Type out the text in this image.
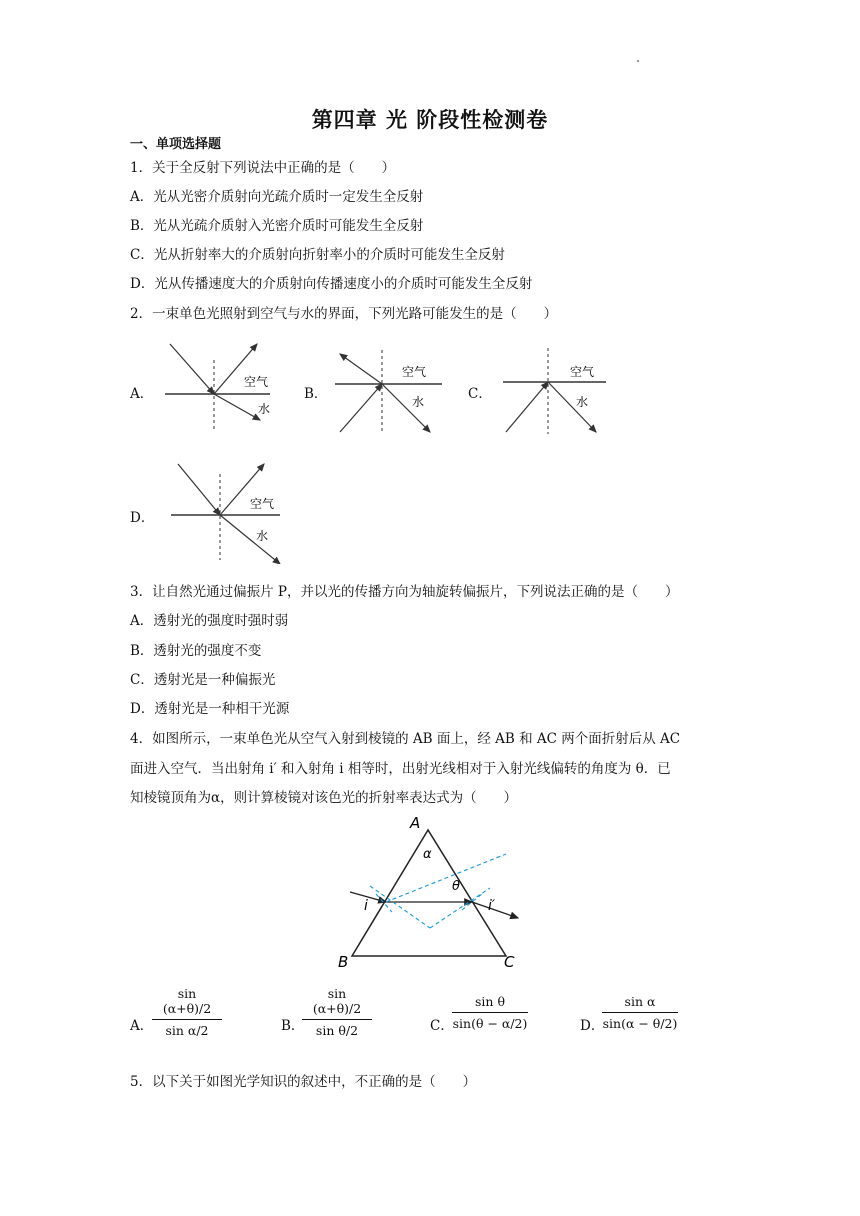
第四章 光 阶段性检测卷
一、单项选择题
1．关于全反射下列说法中正确的是（　　）
A．光从光密介质射向光疏介质时一定发生全反射
B．光从光疏介质射入光密介质时可能发生全反射
C．光从折射率大的介质射向折射率小的介质时可能发生全反射
D．光从传播速度大的介质射向传播速度小的介质时可能发生全反射
2．一束单色光照射到空气与水的界面，下列光路可能发生的是（　　）
A．
空气
水
B．
空气
水	C．
空气
水
D．
空气
水
3．让自然光通过偏振片 P，并以光的传播方向为轴旋转偏振片，下列说法正确的是（　　）
A．透射光的强度时强时弱
B．透射光的强度不变
C．透射光是一种偏振光
D．透射光是一种相干光源
4．如图所示，一束单色光从空气入射到棱镜的 AB 面上，经 AB 和 AC 两个面折射后从 AC
面进入空气．当出射角 i′ 和入射角 i 相等时，出射光线相对于入射光线偏转的角度为 θ．已
知棱镜顶角为α，则计算棱镜对该色光的折射率表达式为（　　）
A
B	C
α
θ
i	i′
A．
sin (α+θ)/2
sin α/2	B．
sin (α+θ)/2
sin θ/2	C．
sin θ
sin(θ − α/2)	D．
sin α
sin(α − θ/2)
5．以下关于如图光学知识的叙述中，不正确的是（　　）
